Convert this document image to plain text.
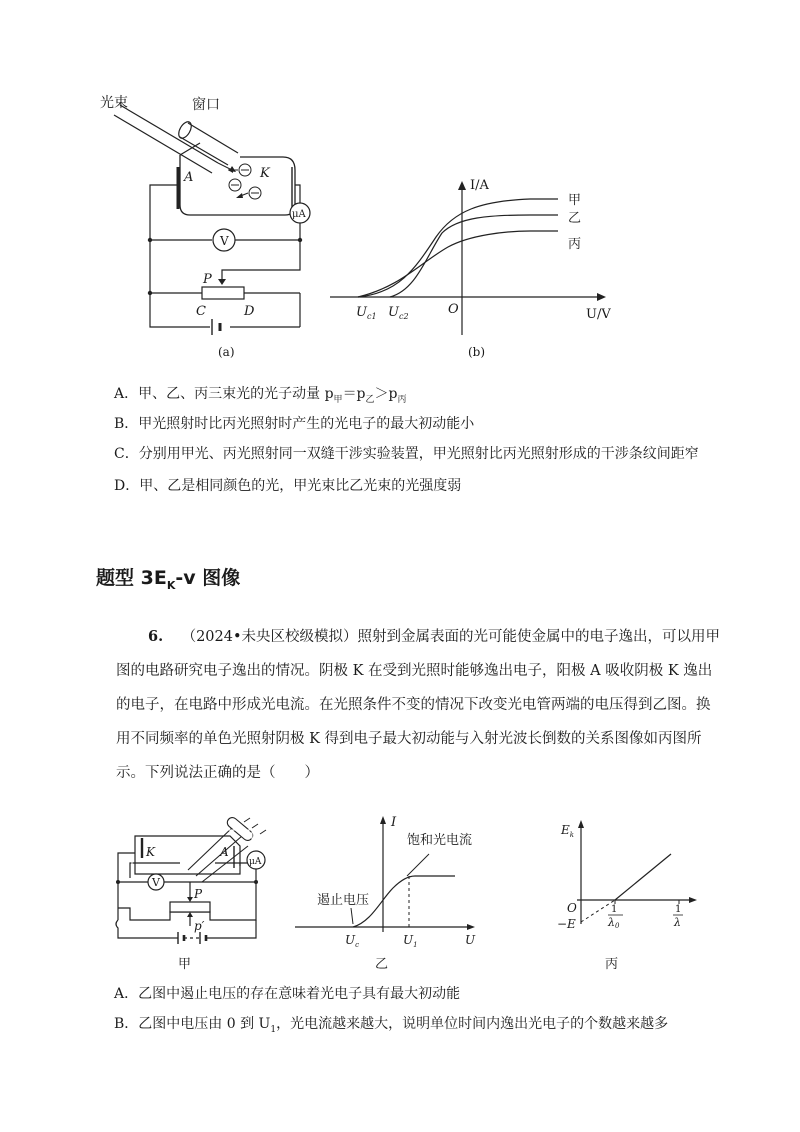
光束	窗口
A	K
μA
V
P
C	D
(a)
I/A
U/V
O
$U_{c1}$ $U_{c2}$
甲
乙
丙
(b)
A．甲、乙、丙三束光的光子动量 $p_甲=p_乙>p_丙$
B．甲光照射时比丙光照射时产生的光电子的最大初动能小
C．分别用甲光、丙光照射同一双缝干涉实验装置，甲光照射比丙光照射形成的干涉条纹间距窄
D．甲、乙是相同颜色的光，甲光束比乙光束的光强度弱
题型 $3E_K-v$ 图像
6. （2024•未央区校级模拟）照射到金属表面的光可能使金属中的电子逸出，可以用甲
图的电路研究电子逸出的情况。阴极 K 在受到光照时能够逸出电子，阳极 A 吸收阴极 K 逸出
的电子，在电路中形成光电流。在光照条件不变的情况下改变光电管两端的电压得到乙图。换
用不同频率的单色光照射阴极 K 得到电子最大初动能与入射光波长倒数的关系图像如丙图所
示。下列说法正确的是（　　）
K	A
μA
V
P
p′
甲
I
饱和光电流
遏止电压
$U_c$	$U_1$	U
乙
$E_k$
O
−E
1
λ0
1
λ
丙
A．乙图中遏止电压的存在意味着光电子具有最大初动能
B．乙图中电压由 0 到 $U_1$，光电流越来越大，说明单位时间内逸出光电子的个数越来越多
